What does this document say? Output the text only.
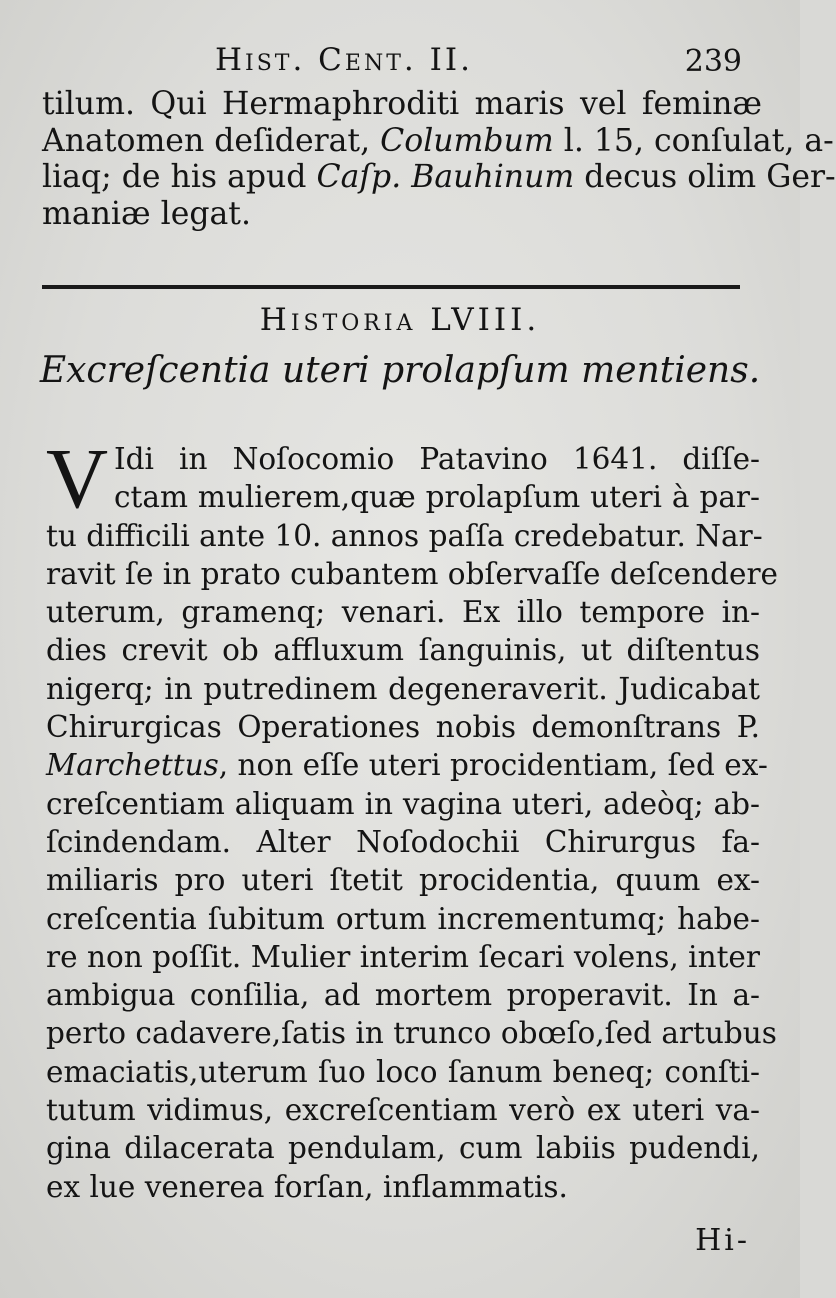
Hist. Cent. II.	239
tilum. Qui Hermaphroditi maris vel feminæ
Anatomen deſiderat, Columbum l. 15, conſulat, a-
liaq; de his apud Caſp. Bauhinum decus olim Ger-
maniæ legat.
Historia LVIII.
Excreſcentia uteri prolapſum mentiens.
V Idi in Noſocomio Patavino 1641. diſſe-
ctam mulierem,quæ prolapſum uteri à par-
tu difficili ante 10. annos paſſa credebatur. Nar-
ravit ſe in prato cubantem obſervaſſe deſcendere
uterum, gramenq; venari. Ex illo tempore in-
dies crevit ob affluxum ſanguinis, ut diſtentus
nigerq; in putredinem degeneraverit. Judicabat
Chirurgicas Operationes nobis demonſtrans P.
Marchettus, non eſſe uteri procidentiam, ſed ex-
creſcentiam aliquam in vagina uteri, adeòq; ab-
ſcindendam. Alter Noſodochii Chirurgus fa-
miliaris pro uteri ſtetit procidentia, quum ex-
creſcentia ſubitum ortum incrementumq; habe-
re non poſſit. Mulier interim ſecari volens, inter
ambigua conſilia, ad mortem properavit. In a-
perto cadavere,ſatis in trunco obœſo,ſed artubus
emaciatis,uterum ſuo loco ſanum beneq; conſti-
tutum vidimus, excreſcentiam verò ex uteri va-
gina dilacerata pendulam, cum labiis pudendi,
ex lue venerea forſan, inflammatis.
Hi-
